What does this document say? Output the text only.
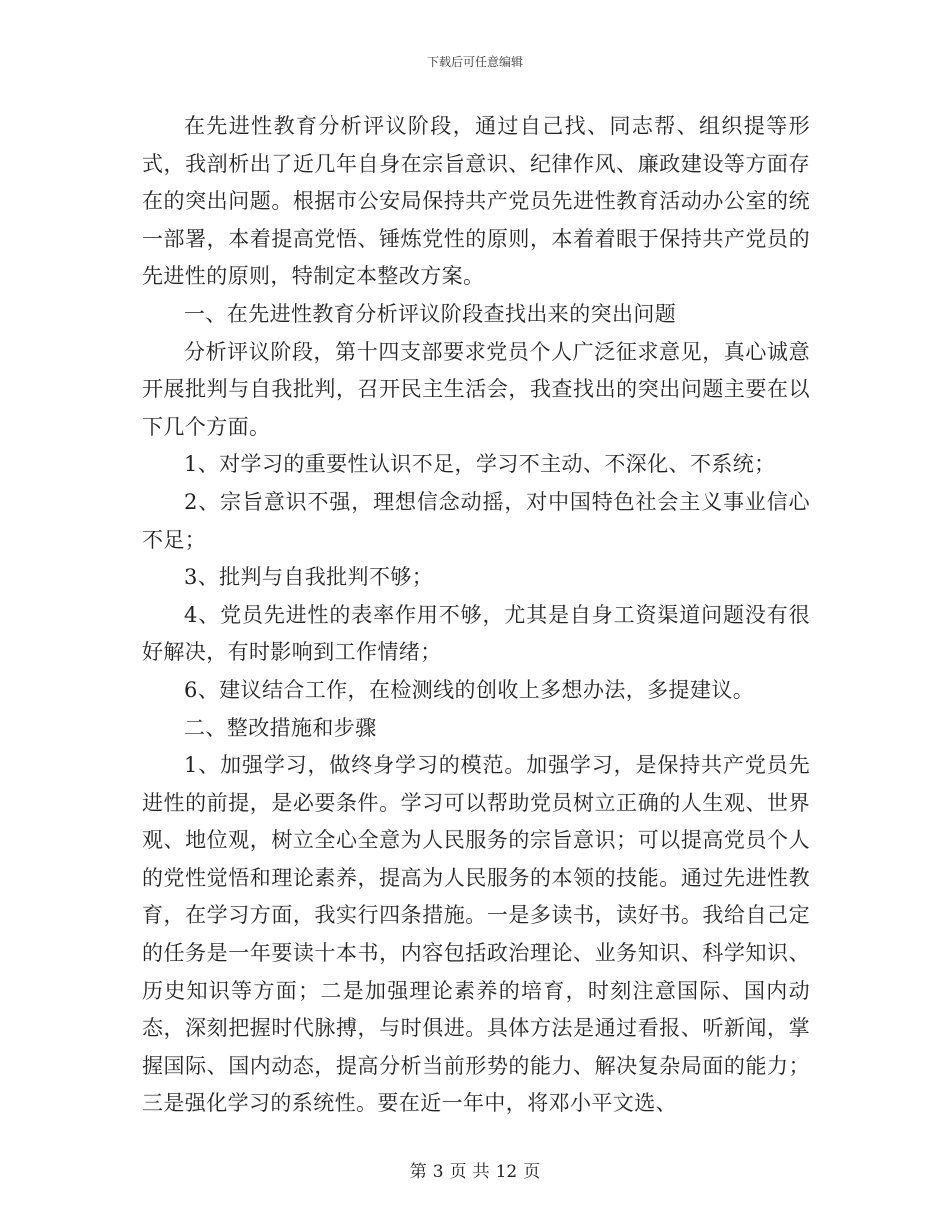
下载后可任意编辑

在先进性教育分析评议阶段，通过自己找、同志帮、组织提等形式，我剖析出了近几年自身在宗旨意识、纪律作风、廉政建设等方面存在的突出问题。根据市公安局保持共产党员先进性教育活动办公室的统一部署，本着提高党悟、锤炼党性的原则，本着着眼于保持共产党员的先进性的原则，特制定本整改方案。

一、在先进性教育分析评议阶段查找出来的突出问题

分析评议阶段，第十四支部要求党员个人广泛征求意见，真心诚意开展批判与自我批判，召开民主生活会，我查找出的突出问题主要在以下几个方面。

1、对学习的重要性认识不足，学习不主动、不深化、不系统；

2、宗旨意识不强，理想信念动摇，对中国特色社会主义事业信心不足；

3、批判与自我批判不够；

4、党员先进性的表率作用不够，尤其是自身工资渠道问题没有很好解决，有时影响到工作情绪；

6、建议结合工作，在检测线的创收上多想办法，多提建议。

二、整改措施和步骤

1、加强学习，做终身学习的模范。加强学习，是保持共产党员先进性的前提，是必要条件。学习可以帮助党员树立正确的人生观、世界观、地位观，树立全心全意为人民服务的宗旨意识；可以提高党员个人的党性觉悟和理论素养，提高为人民服务的本领的技能。通过先进性教育，在学习方面，我实行四条措施。一是多读书，读好书。我给自己定的任务是一年要读十本书，内容包括政治理论、业务知识、科学知识、历史知识等方面；二是加强理论素养的培育，时刻注意国际、国内动态，深刻把握时代脉搏，与时俱进。具体方法是通过看报、听新闻，掌握国际、国内动态，提高分析当前形势的能力、解决复杂局面的能力；三是强化学习的系统性。要在近一年中，将邓小平文选、

第 3 页 共 12 页
